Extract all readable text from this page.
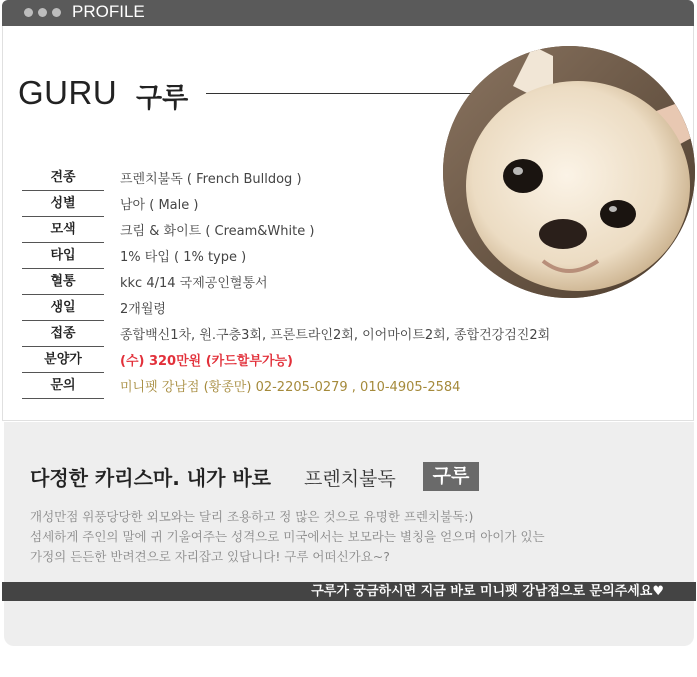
PROFILE
GURU 구루
견종	프렌치불독 ( French Bulldog )
성별	남아 ( Male )
모색	크림 & 화이트 ( Cream&White )
타입	1% 타입 ( 1% type )
혈통	kkc 4/14 국제공인혈통서
생일	2개월령
접종	종합백신1차, 원.구충3회, 프론트라인2회, 이어마이트2회, 종합건강검진2회
분양가	(수) 320만원 (카드할부가능)
문의	미니펫 강남점 (황종만) 02-2205-0279 , 010-4905-2584
다정한 카리스마. 내가 바로 프렌치불독	구루
개성만점 위풍당당한 외모와는 달리 조용하고 정 많은 것으로 유명한 프렌치불독:)
섬세하게 주인의 말에 귀 기울여주는 성격으로 미국에서는 보모라는 별칭을 얻으며 아이가 있는
가정의 든든한 반려견으로 자리잡고 있답니다! 구루 어떠신가요~?
구루가 궁금하시면 지금 바로 미니펫 강남점으로 문의주세요♥
